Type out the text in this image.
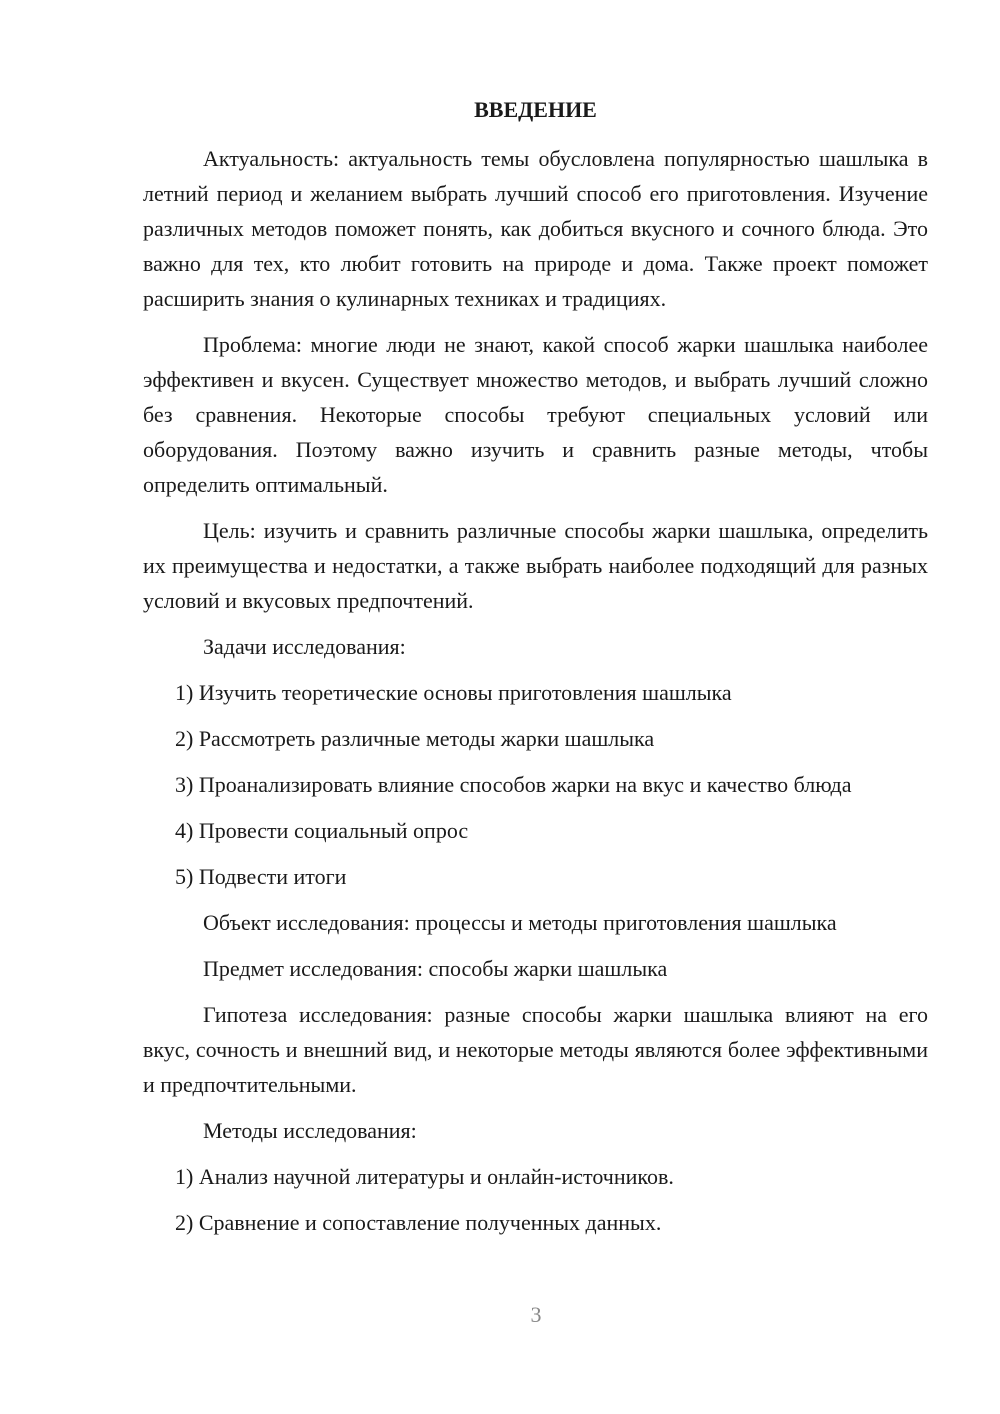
ВВЕДЕНИЕ

Актуальность: актуальность темы обусловлена популярностью шашлыка в летний период и желанием выбрать лучший способ его приготовления. Изучение различных методов поможет понять, как добиться вкусного и сочного блюда. Это важно для тех, кто любит готовить на природе и дома. Также проект поможет расширить знания о кулинарных техниках и традициях.

Проблема: многие люди не знают, какой способ жарки шашлыка наиболее эффективен и вкусен. Существует множество методов, и выбрать лучший сложно без сравнения. Некоторые способы требуют специальных условий или оборудования. Поэтому важно изучить и сравнить разные методы, чтобы определить оптимальный.

Цель: изучить и сравнить различные способы жарки шашлыка, определить их преимущества и недостатки, а также выбрать наиболее подходящий для разных условий и вкусовых предпочтений.

Задачи исследования:

1) Изучить теоретические основы приготовления шашлыка

2) Рассмотреть различные методы жарки шашлыка

3) Проанализировать влияние способов жарки на вкус и качество блюда

4) Провести социальный опрос

5) Подвести итоги

Объект исследования: процессы и методы приготовления шашлыка

Предмет исследования: способы жарки шашлыка

Гипотеза исследования: разные способы жарки шашлыка влияют на его вкус, сочность и внешний вид, и некоторые методы являются более эффективными и предпочтительными.

Методы исследования:

1) Анализ научной литературы и онлайн-источников.

2) Сравнение и сопоставление полученных данных.

3
